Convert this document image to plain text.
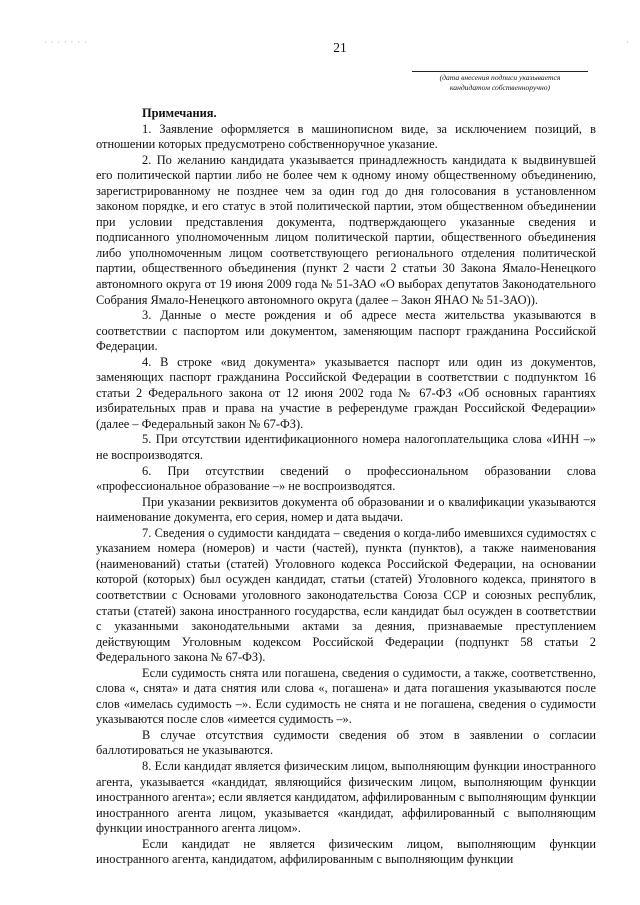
· · · · · · ·	·
21
(дата внесения подписи указывается
кандидатом собственноручно)
Примечания.

1. Заявление оформляется в машинописном виде, за исключением позиций, в отношении которых предусмотрено собственноручное указание.

2. По желанию кандидата указывается принадлежность кандидата к выдвинувшей его политической партии либо не более чем к одному иному общественному объединению, зарегистрированному не позднее чем за один год до дня голосования в установленном законом порядке, и его статус в этой политической партии, этом общественном объединении при условии представления документа, подтверждающего указанные сведения и подписанного уполномоченным лицом политической партии, общественного объединения либо уполномоченным лицом соответствующего регионального отделения политической партии, общественного объединения (пункт 2 части 2 статьи 30 Закона Ямало-Ненецкого автономного округа от 19 июня 2009 года № 51-ЗАО «О выборах депутатов Законодательного Собрания Ямало-Ненецкого автономного округа (далее – Закон ЯНАО № 51-ЗАО)).

3. Данные о месте рождения и об адресе места жительства указываются в соответствии с паспортом или документом, заменяющим паспорт гражданина Российской Федерации.

4. В строке «вид документа» указывается паспорт или один из документов, заменяющих паспорт гражданина Российской Федерации в соответствии с подпунктом 16 статьи 2 Федерального закона от 12 июня 2002 года № 67-ФЗ «Об основных гарантиях избирательных прав и права на участие в референдуме граждан Российской Федерации» (далее – Федеральный закон № 67-ФЗ).

5. При отсутствии идентификационного номера налогоплательщика слова «ИНН –» не воспроизводятся.

6. При отсутствии сведений о профессиональном образовании слова «профессиональное образование –» не воспроизводятся.

При указании реквизитов документа об образовании и о квалификации указываются наименование документа, его серия, номер и дата выдачи.

7. Сведения о судимости кандидата – сведения о когда-либо имевшихся судимостях с указанием номера (номеров) и части (частей), пункта (пунктов), а также наименования (наименований) статьи (статей) Уголовного кодекса Российской Федерации, на основании которой (которых) был осужден кандидат, статьи (статей) Уголовного кодекса, принятого в соответствии с Основами уголовного законодательства Союза ССР и союзных республик, статьи (статей) закона иностранного государства, если кандидат был осужден в соответствии с указанными законодательными актами за деяния, признаваемые преступлением действующим Уголовным кодексом Российской Федерации (подпункт 58 статьи 2 Федерального закона № 67-ФЗ).

Если судимость снята или погашена, сведения о судимости, а также, соответственно, слова «, снята» и дата снятия или слова «, погашена» и дата погашения указываются после слов «имелась судимость –». Если судимость не снята и не погашена, сведения о судимости указываются после слов «имеется судимость –».

В случае отсутствия судимости сведения об этом в заявлении о согласии баллотироваться не указываются.

8. Если кандидат является физическим лицом, выполняющим функции иностранного агента, указывается «кандидат, являющийся физическим лицом, выполняющим функции иностранного агента»; если является кандидатом, аффилированным с выполняющим функции иностранного агента лицом, указывается «кандидат, аффилированный с выполняющим функции иностранного агента лицом».

Если кандидат не является физическим лицом, выполняющим функции иностранного агента, кандидатом, аффилированным с выполняющим функции
